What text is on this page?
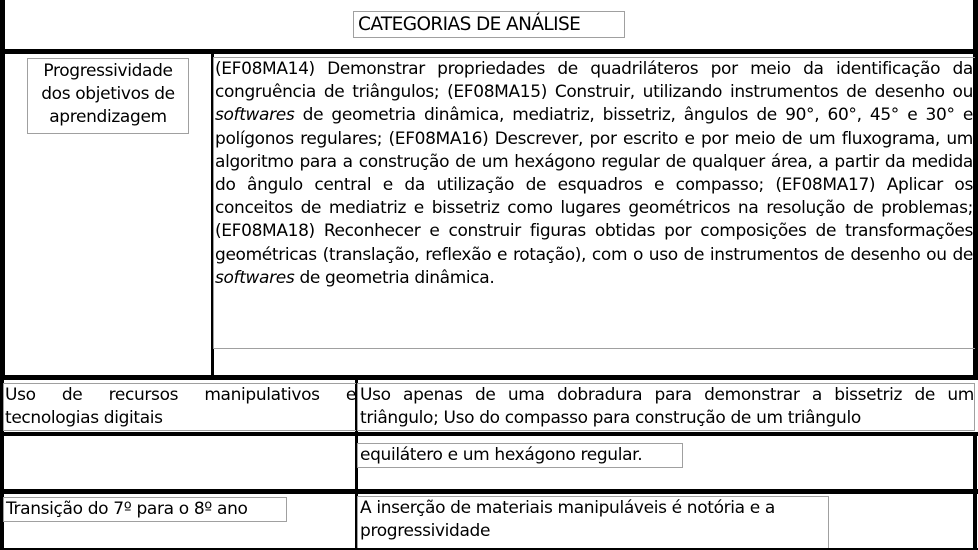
CATEGORIAS DE ANÁLISE
Progressividade
dos objetivos de
aprendizagem
(EF08MA14) Demonstrar propriedades de quadriláteros por meio da identificação da congruência de triângulos; (EF08MA15) Construir, utilizando instrumentos de desenho ou softwares de geometria dinâmica, mediatriz, bissetriz, ângulos de 90°, 60°, 45° e 30° e polígonos regulares; (EF08MA16) Descrever, por escrito e por meio de um fluxograma, um algoritmo para a construção de um hexágono regular de qualquer área, a partir da medida do ângulo central e da utilização de esquadros e compasso; (EF08MA17) Aplicar os conceitos de mediatriz e bissetriz como lugares geométricos na resolução de problemas; (EF08MA18) Reconhecer e construir figuras obtidas por composições de transformações geométricas (translação, reflexão e rotação), com o uso de instrumentos de desenho ou de softwares de geometria dinâmica.
Uso de recursos manipulativos e tecnologias digitais
Uso apenas de uma dobradura para demonstrar a bissetriz de um triângulo; Uso do compasso para construção de um triângulo
equilátero e um hexágono regular.
Transição do 7º para o 8º ano	A inserção de materiais manipuláveis é notória e a
progressividade
